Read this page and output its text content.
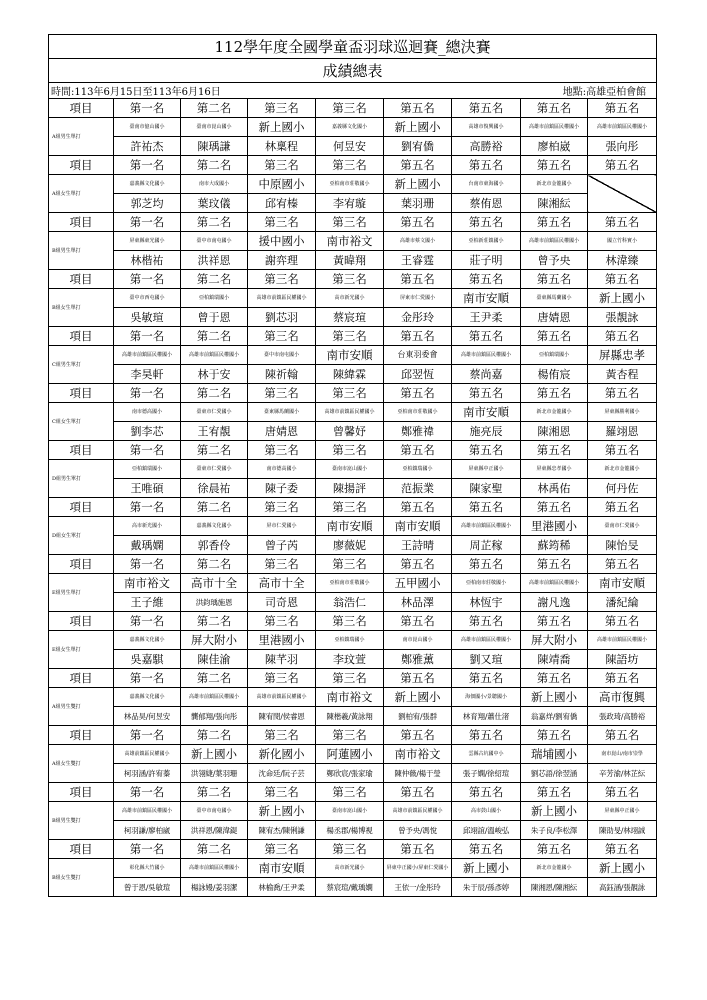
112學年度全國學童盃羽球巡迴賽_總決賽								
成績總表								

時間:113年6月15日至113年6月16日 地點:高雄亞柏會館								

項目	第一名	第二名	第三名	第三名	第五名	第五名	第五名	第五名
A組男生單打	臺南市億山國小	臺南市崑山國小	新上國小	嘉義縣文化國小	新上國小	高雄市復興國小	高雄市前鎮區民權國小	高雄市前鎮區民權國小
	許祐杰	陳瑀謙	林稟程	何昱安	劉宥僑	高勝裕	廖柏崴	張向彤
項目	第一名	第二名	第三名	第三名	第五名	第五名	第五名	第五名
A組女生單打	嘉義縣文化國小	南市大成國小	中原國小	亞柏南市莊敬國小	新上國小	台南市東海國小	新北市金龍國小	
	郭芝均	葉玟儀	邱宥榛	李宥璇	葉羽珊	蔡侑恩	陳湘紜	
項目	第一名	第二名	第三名	第三名	第五名	第五名	第五名	第五名
B組男生單打	屏東縣東光國小	臺中市南屯國小	援中國小	南市裕文	高雄市蔡文國小	亞柏新莊鎮國小	高雄市前鎮區民權國小	國立竹科實小
	林楷祐	洪祥恩	謝弈理	黃暐翔	王睿霆	莊子明	曾予央	林湋臻
項目	第一名	第二名	第三名	第三名	第五名	第五名	第五名	第五名
B組女生單打	臺中市西屯國小	亞柏鎮瑞國小	高雄市前鎮區民權國小	高市新光國小	屏東市仁愛國小	南市安順	臺東縣馬蘭國小	新上國小
	吳敏瑄	曾于恩	劉芯羽	蔡宸瑄	金彤玲	王尹柔	唐婧恩	張靚詠
項目	第一名	第二名	第三名	第三名	第五名	第五名	第五名	第五名
C組男生單打	高雄市前鎮區民權國小	高雄市前鎮區民權國小	臺中市南屯國小	南市安順	台東羽委會	高雄市前鎮區民權國小	亞柏鎮瑞國小	屏縣忠孝
	李昊軒	林于安	陳祈翰	陳緯霖	邱翌恆	蔡尚嘉	楊侑宸	黃杏程
項目	第一名	第二名	第三名	第三名	第五名	第五名	第五名	第五名
C組女生單打	南市德高國小	臺東市仁愛國小	臺東縣馬蘭國小	高雄市前鎮區民權國小	亞柏南市莊敬國小	南市安順	新北市金龍國小	屏東縣勝利國小
	劉李芯	王宥靚	唐婧恩	曾馨妤	鄭雅禕	施亮辰	陳湘恩	羅翊恩
項目	第一名	第二名	第三名	第三名	第五名	第五名	第五名	第五名
D組男生單打	亞柏鎮瑞國小	臺東市仁愛國小	南市德高國小	臺南市崑山國小	亞柏鎮瑞國小	屏東縣中正國小	屏東縣忠孝國小	新北市金龍國小
	王唯碩	徐晨祐	陳子委	陳揚評	范振業	陳家聖	林禹佑	何丹佐
項目	第一名	第二名	第三名	第三名	第五名	第五名	第五名	第五名
D組女生單打	高市新光國小	嘉義縣文化國小	屏市仁愛國小	南市安順	南市安順	高雄市前鎮區民權國小	里港國小	臺南市仁愛國小
	戴瑀嫻	郭香伶	曾子芮	廖薇妮	王詩晴	周芷稼	蘇筠稀	陳怡旻
項目	第一名	第二名	第三名	第三名	第五名	第五名	第五名	第五名
E組男生單打	南市裕文	高市十全	高市十全	亞柏南市莊敬國小	五甲國小	亞柏南市莊敬國小	高雄市前鎮區民權國小	南市安順
	王子維	洪鈞瑀施恩	司奇恩	翁浩仁	林品澤	林恆宇	謝凡逸	潘紀綸
項目	第一名	第二名	第三名	第三名	第五名	第五名	第五名	第五名
E組女生單打	嘉義縣文化國小	屏大附小	里港國小	亞柏鎮瑞國小	南市崑山國小	高雄市前鎮區民權國小	屏大附小	高雄市前鎮區民權國小
	吳嘉騏	陳佳渝	陳芊羽	李玟萱	鄭雅薰	劉又瑄	陳靖喬	陳語坊
項目	第一名	第二名	第三名	第三名	第五名	第五名	第五名	第五名
A組男生雙打	嘉義縣文化國小	高雄市前鎮區民權國小	高雄市前鎮區民權國小	南市裕文	新上國小	海佃國小/景聰國小	新上國小	高市復興
	林品昊/何昱安	龔郁翔/張向彤	陳宥閔/侯睿恩	陳楷羲/黃詠翔	劉柏宥/張群	林育翔/蕭仕渚	翁嘉烊/劉宥僑	張政琦/高勝裕
項目	第一名	第二名	第三名	第三名	第五名	第五名	第五名	第五名
A組女生雙打	高雄前鎮區民權國小	新上國小	新化國小	阿蓮國小	南市裕文	雲縣古坑國中小	瑞埔國小	南市崑山/南市崇學
	柯羽涵/許宥蓁	洪翎婕/葉羽珊	沈命廷/阮子芸	鄭欣宸/張家瑜	陳仲薇/楊于瑩	張子嫻/徐紹瑄	劉芯語/徐翌涵	辛芳渝/林芷紜
項目	第一名	第二名	第三名	第三名	第五名	第五名	第五名	第五名
B組男生雙打	高雄市前鎮區民權國小	臺中市南屯國小	新上國小	臺南市崑山國小	高雄市前鎮區民權國小	高市鼓山國小	新上國小	屏東縣中正國小
	柯羽謙/廖柏崴	洪祥恩/陳湋鍉	陳宥杰/陳俐謙	楊丞郡/楊博視	曾予央/馮悅	邱翊誼/溫峻弘	朱子良/李松澤	陳劭旻/林翊誠
項目	第一名	第二名	第三名	第三名	第五名	第五名	第五名	第五名
B組女生雙打	彰化縣大竹國小	高雄市前鎮區民權國小	南市安順	高市新光國小	屏東中正國小/屏東仁愛國小	新上國小	新北市金龍國小	新上國小
	曾于恩/吳敏瑄	楊詠嫚/姜羽潔	林榆喬/王尹柔	蔡宸瑄/戴瑀嫻	王依一/金彤玲	朱于辰/孫彥婷	陳湘恩/陳湘紜	高鈺涵/張靚詠
